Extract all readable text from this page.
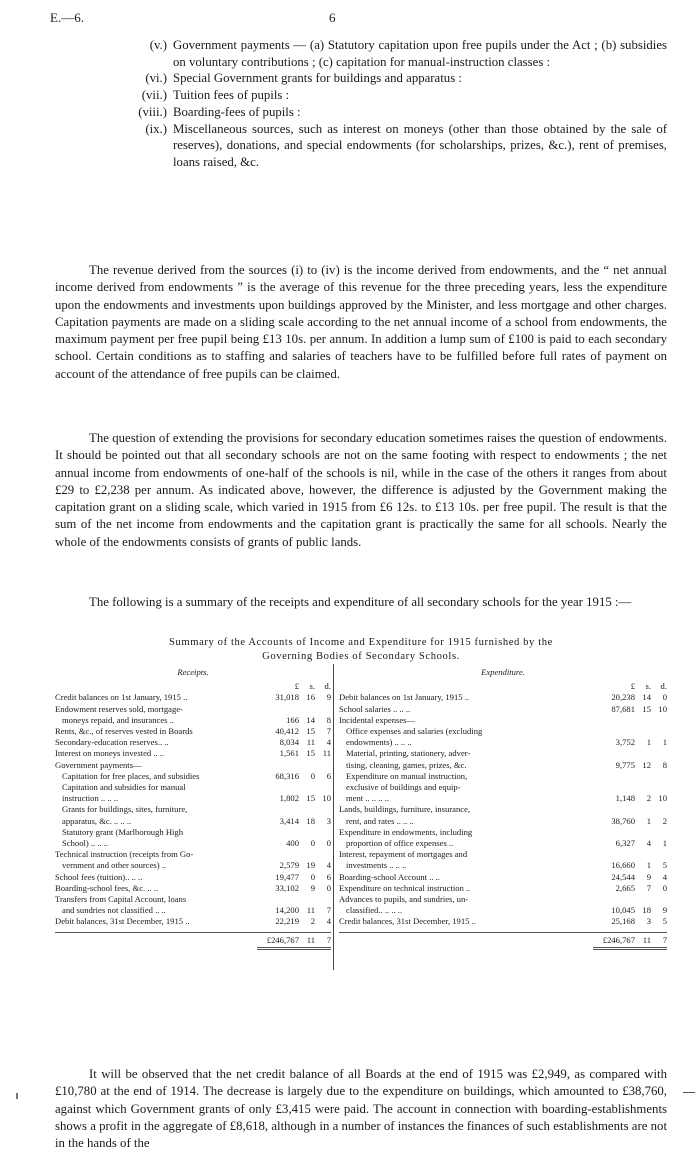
E.—6.	6
(v.) Government payments — (a) Statutory capitation upon free pupils under the Act ; (b) subsidies on voluntary contributions ; (c) capitation for manual-instruction classes :
(vi.) Special Government grants for buildings and apparatus :
(vii.) Tuition fees of pupils :
(viii.) Boarding-fees of pupils :
(ix.) Miscellaneous sources, such as interest on moneys (other than those obtained by the sale of reserves), donations, and special endowments (for scholarships, prizes, &c.), rent of premises, loans raised, &c.

The revenue derived from the sources (i) to (iv) is the income derived from endowments, and the “ net annual income derived from endowments ” is the average of this revenue for the three preceding years, less the expenditure upon the endowments and investments upon buildings approved by the Minister, and less mortgage and other charges. Capitation payments are made on a sliding scale according to the net annual income of a school from endowments, the maximum payment per free pupil being £13 10s. per annum. In addition a lump sum of £100 is paid to each secondary school. Certain conditions as to staffing and salaries of teachers have to be fulfilled before full rates of payment on account of the attendance of free pupils can be claimed.

The question of extending the provisions for secondary education sometimes raises the question of endowments. It should be pointed out that all secondary schools are not on the same footing with respect to endowments ; the net annual income from endowments of one-half of the schools is nil, while in the case of the others it ranges from about £29 to £2,238 per annum. As indicated above, however, the difference is adjusted by the Government making the capitation grant on a sliding scale, which varied in 1915 from £6 12s. to £13 10s. per free pupil. The result is that the sum of the net income from endowments and the capitation grant is practically the same for all schools. Nearly the whole of the endowments consists of grants of public lands.

The following is a summary of the receipts and expenditure of all secondary schools for the year 1915 :—

Summary of the Accounts of Income and Expenditure for 1915 furnished by the
Governing Bodies of Secondary Schools.
Receipts.
£	s.	d.
Credit balances on 1st January, 1915 ..	31,018 16	9
Endowment reserves sold, mortgage-
moneys repaid, and insurances ..	166 14	8
Rents, &c., of reserves vested in Boards	40,412 15	7
Secondary-education reserves.. ..	8,034 11	4
Interest on moneys invested .. ..	1,561 15 11
Government payments—
Capitation for free places, and subsidies	68,316	0	6
Capitation and subsidies for manual
instruction .. .. ..	1,802 15 10
Grants for buildings, sites, furniture,
apparatus, &c. .. .. ..	3,414 18	3
Statutory grant (Marlborough High
School) .. .. ..	400	0	0
Technical instruction (receipts from Go-
vernment and other sources) ..	2,579 19	4
School fees (tuition).. .. ..	19,477	0	6
Boarding-school fees, &c. .. ..	33,102	9	0
Transfers from Capital Account, loans
and sundries not classified .. ..	14,200 11	7
Debit balances, 31st December, 1915 ..	22,219	2	4
£246,767 11	7
Expenditure.
£	s.	d.
Debit balances on 1st January, 1915 ..	20,238 14	0
School salaries .. .. ..	87,681 15 10
Incidental expenses—
Office expenses and salaries (excluding
endowments) .. .. ..	3,752	1	1
Material, printing, stationery, adver-
tising, cleaning, games, prizes, &c.	9,775 12	8
Expenditure on manual instruction,
exclusive of buildings and equip-
ment .. .. .. ..	1,148	2 10
Lands, buildings, furniture, insurance,
rent, and rates .. .. ..	38,760	1	2
Expenditure in endowments, including
proportion of office expenses ..	6,327	4	1
Interest, repayment of mortgages and
investments .. .. ..	16,660	1	5
Boarding-school Account .. ..	24,544	9	4
Expenditure on technical instruction ..	2,665	7	0
Advances to pupils, and sundries, un-
classified.. .. .. ..	10,045 18	9
Credit balances, 31st December, 1915 ..	25,168	3	5
£246,767 11	7

It will be observed that the net credit balance of all Boards at the end of 1915 was £2,949, as compared with £10,780 at the end of 1914. The decrease is largely due to the expenditure on buildings, which amounted to £38,760, against which Government grants of only £3,415 were paid. The account in connection with boarding-establishments shows a profit in the aggregate of £8,618, although in a number of instances the finances of such establishments are not in the hands of the
